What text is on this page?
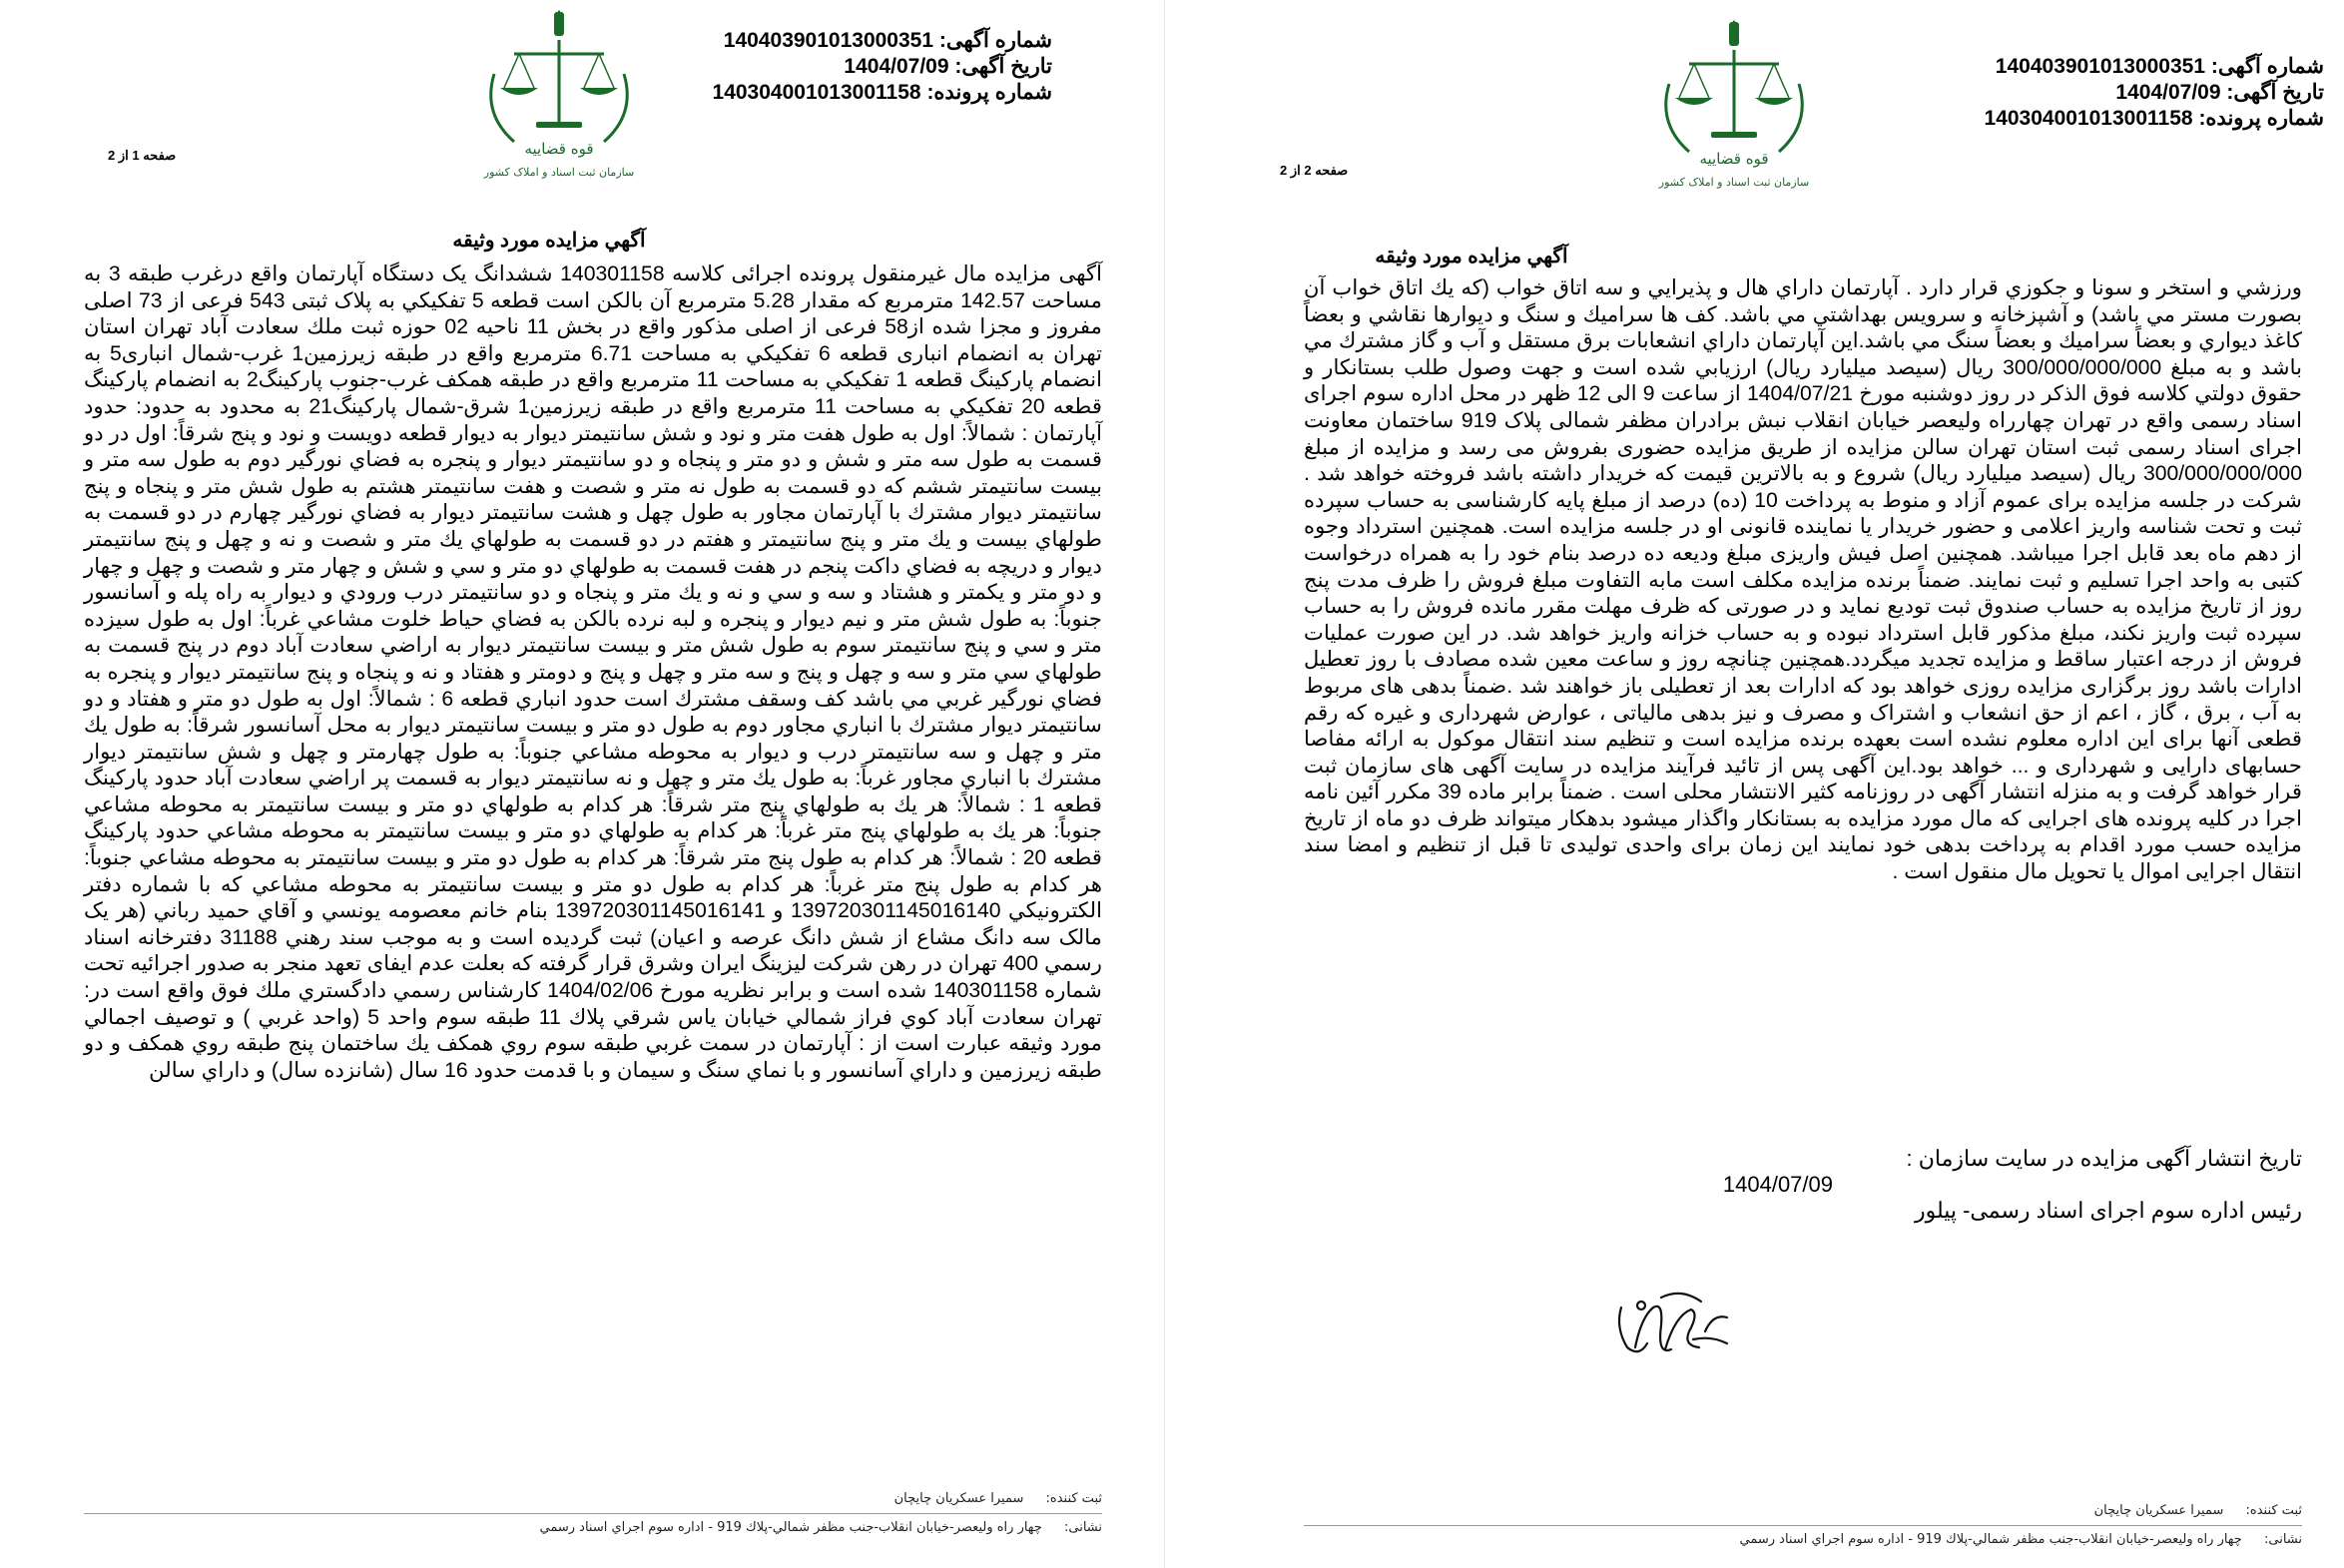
قوه قضاییه
سازمان ثبت اسناد و املاک کشور
شماره آگهی: 140403901013000351
تاریخ آگهی: 1404/07/09
شماره پرونده: 140304001013001158
صفحه 1 از 2
آگهي مزايده مورد وثيقه

آگهی مزایده مال غیرمنقول پرونده اجرائی کلاسه 140301158 ششدانگ یک دستگاه آپارتمان واقع درغرب طبقه 3 به مساحت 142.57 مترمربع که مقدار 5.28 مترمربع آن بالکن است قطعه 5 تفکیکي به پلاک ثبتی 543 فرعی از 73 اصلی مفروز و مجزا شده از58 فرعی از اصلی مذکور واقع در بخش 11 ناحیه 02 حوزه ثبت ملك سعادت آباد تهران استان تهران به انضمام انباری قطعه 6 تفکیکي به مساحت 6.71 مترمربع واقع در طبقه زیرزمین1 غرب-شمال انباری5 به انضمام پارکینگ قطعه 1 تفکیکي به مساحت 11 مترمربع واقع در طبقه همکف غرب-جنوب پارکینگ2 به انضمام پارکینگ قطعه 20 تفکیکي به مساحت 11 مترمربع واقع در طبقه زیرزمین1 شرق-شمال پارکینگ21 به محدود به حدود: حدود آپارتمان : شمالاً: اول به طول هفت متر و نود و شش سانتيمتر ديوار به ديوار قطعه دويست و نود و پنج شرقاً: اول در دو قسمت به طول سه متر و شش و دو متر و پنجاه و دو سانتيمتر ديوار و پنجره به فضاي نورگير دوم به طول سه متر و بيست سانتيمتر ششم كه دو قسمت به طول نه متر و شصت و هفت سانتيمتر هشتم به طول شش متر و پنجاه و پنج سانتيمتر ديوار مشترك با آپارتمان مجاور به طول چهل و هشت سانتيمتر ديوار به فضاي نورگير چهارم در دو قسمت به طولهاي بيست و يك متر و پنج سانتيمتر و هفتم در دو قسمت به طولهاي يك متر و شصت و نه و چهل و پنج سانتيمتر ديوار و دريچه به فضاي داكت پنجم در هفت قسمت به طولهاي دو متر و سي و شش و چهار متر و شصت و چهل و چهار و دو متر و يكمتر و هشتاد و سه و سي و نه و يك متر و پنجاه و دو سانتيمتر درب ورودي و ديوار به راه پله و آسانسور جنوباً: به طول شش متر و نيم ديوار و پنجره و لبه نرده بالكن به فضاي حياط خلوت مشاعي غرباً: اول به طول سيزده متر و سي و پنج سانتيمتر سوم به طول شش متر و بيست سانتيمتر ديوار به اراضي سعادت آباد دوم در پنج قسمت به طولهاي سي متر و سه و چهل و پنج و سه متر و چهل و پنج و دومتر و هفتاد و نه و پنجاه و پنج سانتيمتر ديوار و پنجره به فضاي نورگير غربي مي باشد كف وسقف مشترك است حدود انباري قطعه 6 : شمالاً: اول به طول دو متر و هفتاد و دو سانتيمتر ديوار مشترك با انباري مجاور دوم به طول دو متر و بيست سانتيمتر ديوار به محل آسانسور شرقاً: به طول يك متر و چهل و سه سانتيمتر درب و ديوار به محوطه مشاعي جنوباً: به طول چهارمتر و چهل و شش سانتيمتر ديوار مشترك با انباري مجاور غرباً: به طول يك متر و چهل و نه سانتيمتر ديوار به قسمت پر اراضي سعادت آباد حدود پاركينگ قطعه 1 : شمالاً: هر يك به طولهاي پنج متر شرقاً: هر كدام به طولهاي دو متر و بيست سانتيمتر به محوطه مشاعي جنوباً: هر يك به طولهاي پنج متر غرباً: هر كدام به طولهاي دو متر و بيست سانتيمتر به محوطه مشاعي حدود پاركينگ قطعه 20 : شمالاً: هر كدام به طول پنج متر شرقاً: هر كدام به طول دو متر و بيست سانتيمتر به محوطه مشاعي جنوباً: هر كدام به طول پنج متر غرباً: هر كدام به طول دو متر و بيست سانتيمتر به محوطه مشاعي كه با شماره دفتر الكترونيكي 139720301145016140 و 139720301145016141 بنام خانم معصومه يونسي و آقاي حميد رباني (هر يک مالک سه دانگ مشاع از شش دانگ عرصه و اعيان) ثبت گرديده است و به موجب سند رهني 31188 دفترخانه اسناد رسمي 400 تهران در رهن شركت ليزينگ ايران وشرق قرار گرفته كه بعلت عدم ايفای تعهد منجر به صدور اجرائيه تحت شماره 140301158 شده است و برابر نظريه مورخ 1404/02/06 كارشناس رسمي دادگستري ملك فوق واقع است در: تهران سعادت آباد كوي فراز شمالي خيابان ياس شرقي پلاك 11 طبقه سوم واحد 5 (واحد غربي ) و توصيف اجمالي مورد وثيقه عبارت است از : آپارتمان در سمت غربي طبقه سوم روي همكف يك ساختمان پنج طبقه روي همكف و دو طبقه زيرزمين و داراي آسانسور و با نماي سنگ و سيمان و با قدمت حدود 16 سال (شانزده سال) و داراي سالن

ثبت کننده: سميرا عسكريان چايچان
نشانی: چهار راه وليعصر-خيابان انقلاب-جنب مظفر شمالي-پلاك 919 - اداره سوم اجراي اسناد رسمي
قوه قضاییه
سازمان ثبت اسناد و املاک کشور
شماره آگهی: 140403901013000351
تاریخ آگهی: 1404/07/09
شماره پرونده: 140304001013001158
صفحه 2 از 2
آگهي مزايده مورد وثيقه

ورزشي و استخر و سونا و جكوزي قرار دارد . آپارتمان داراي هال و پذيرايي و سه اتاق خواب (كه يك اتاق خواب آن بصورت مستر مي باشد) و آشپزخانه و سرويس بهداشتي مي باشد. كف ها سراميك و سنگ و ديوارها نقاشي و بعضاً كاغذ ديواري و بعضاً سراميك و بعضاً سنگ مي باشد.اين آپارتمان داراي انشعابات برق مستقل و آب و گاز مشترك مي باشد و به مبلغ 300/000/000/000 ريال (سيصد ميليارد ريال) ارزيابي شده است و جهت وصول طلب بستانكار و حقوق دولتي كلاسه فوق الذكر در روز دوشنبه مورخ 1404/07/21 از ساعت 9 الی 12 ظهر در محل اداره سوم اجرای اسناد رسمی واقع در تهران چهارراه وليعصر خيابان انقلاب نبش برادران مظفر شمالی پلاک 919 ساختمان معاونت اجرای اسناد رسمی ثبت استان تهران سالن مزايده از طريق مزايده حضوری بفروش می رسد و مزايده از مبلغ 300/000/000/000 ريال (سيصد ميليارد ريال) شروع و به بالاترين قيمت كه خريدار داشته باشد فروخته خواهد شد . شركت در جلسه مزايده برای عموم آزاد و منوط به پرداخت 10 (ده) درصد از مبلغ پايه كارشناسی به حساب سپرده ثبت و تحت شناسه واريز اعلامی و حضور خريدار يا نماينده قانونی او در جلسه مزايده است. همچنين استرداد وجوه از دهم ماه بعد قابل اجرا ميباشد. همچنين اصل فيش واريزی مبلغ وديعه ده درصد بنام خود را به همراه درخواست كتبی به واحد اجرا تسليم و ثبت نمايند. ضمناً برنده مزايده مكلف است مابه التفاوت مبلغ فروش را ظرف مدت پنج روز از تاريخ مزايده به حساب صندوق ثبت توديع نمايد و در صورتی كه ظرف مهلت مقرر مانده فروش را به حساب سپرده ثبت واريز نكند، مبلغ مذكور قابل استرداد نبوده و به حساب خزانه واريز خواهد شد. در اين صورت عمليات فروش از درجه اعتبار ساقط و مزايده تجديد ميگردد.همچنين چنانچه روز و ساعت معين شده مصادف با روز تعطيل ادارات باشد روز برگزاری مزايده روزی خواهد بود كه ادارات بعد از تعطيلی باز خواهند شد .ضمناً بدهی های مربوط به آب ، برق ، گاز ، اعم از حق انشعاب و اشتراک و مصرف و نيز بدهی مالياتی ، عوارض شهرداری و غيره كه رقم قطعی آنها برای اين اداره معلوم نشده است بعهده برنده مزايده است و تنظيم سند انتقال موكول به ارائه مفاصا حسابهای دارايی و شهرداری و ... خواهد بود.اين آگهی پس از تائيد فرآيند مزايده در سايت آگهی های سازمان ثبت قرار خواهد گرفت و به منزله انتشار آگهی در روزنامه كثير الانتشار محلی است . ضمناً برابر ماده 39 مكرر آئين نامه اجرا در كليه پرونده های اجرايی كه مال مورد مزايده به بستانكار واگذار ميشود بدهكار ميتواند ظرف دو ماه از تاريخ مزايده حسب مورد اقدام به پرداخت بدهی خود نمايند اين زمان برای واحدی توليدی تا قبل از تنظيم و امضا سند انتقال اجرايی اموال يا تحويل مال منقول است .

تاريخ انتشار آگهی مزايده در سايت سازمان :
1404/07/09
رئيس اداره سوم اجرای اسناد رسمی- پيلور
ثبت کننده: سميرا عسكريان چايچان
نشانی: چهار راه وليعصر-خيابان انقلاب-جنب مظفر شمالي-پلاك 919 - اداره سوم اجراي اسناد رسمي
